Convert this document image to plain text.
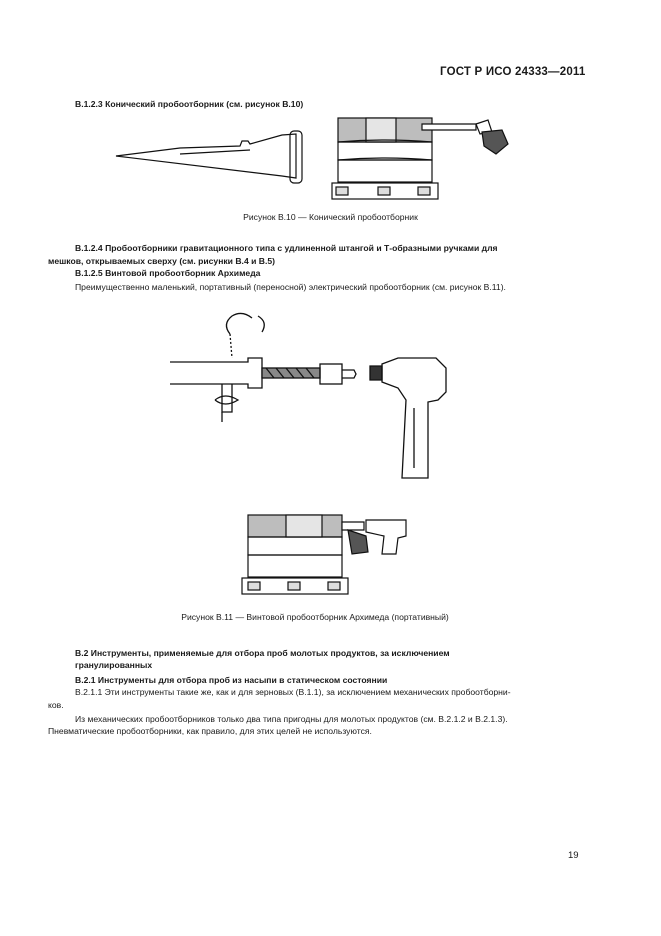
ГОСТ Р ИСО 24333—2011
В.1.2.3 Конический пробоотборник (см. рисунок В.10)
Рисунок В.10 — Конический пробоотборник
В.1.2.4 Пробоотборники гравитационного типа с удлиненной штангой и Т-образными ручками для
мешков, открываемых сверху (см. рисунки В.4 и В.5)
В.1.2.5 Винтовой пробоотборник Архимеда
Преимущественно маленький, портативный (переносной) электрический пробоотборник (см. рисунок В.11).
Рисунок В.11 — Винтовой пробоотборник Архимеда (портативный)
В.2 Инструменты, применяемые для отбора проб молотых продуктов, за исключением
гранулированных
В.2.1 Инструменты для отбора проб из насыпи в статическом состоянии
В.2.1.1 Эти инструменты такие же, как и для зерновых (В.1.1), за исключением механических пробоотборни-
ков.
Из механических пробоотборников только два типа пригодны для молотых продуктов (см. В.2.1.2 и В.2.1.3).
Пневматические пробоотборники, как правило, для этих целей не используются.
19
